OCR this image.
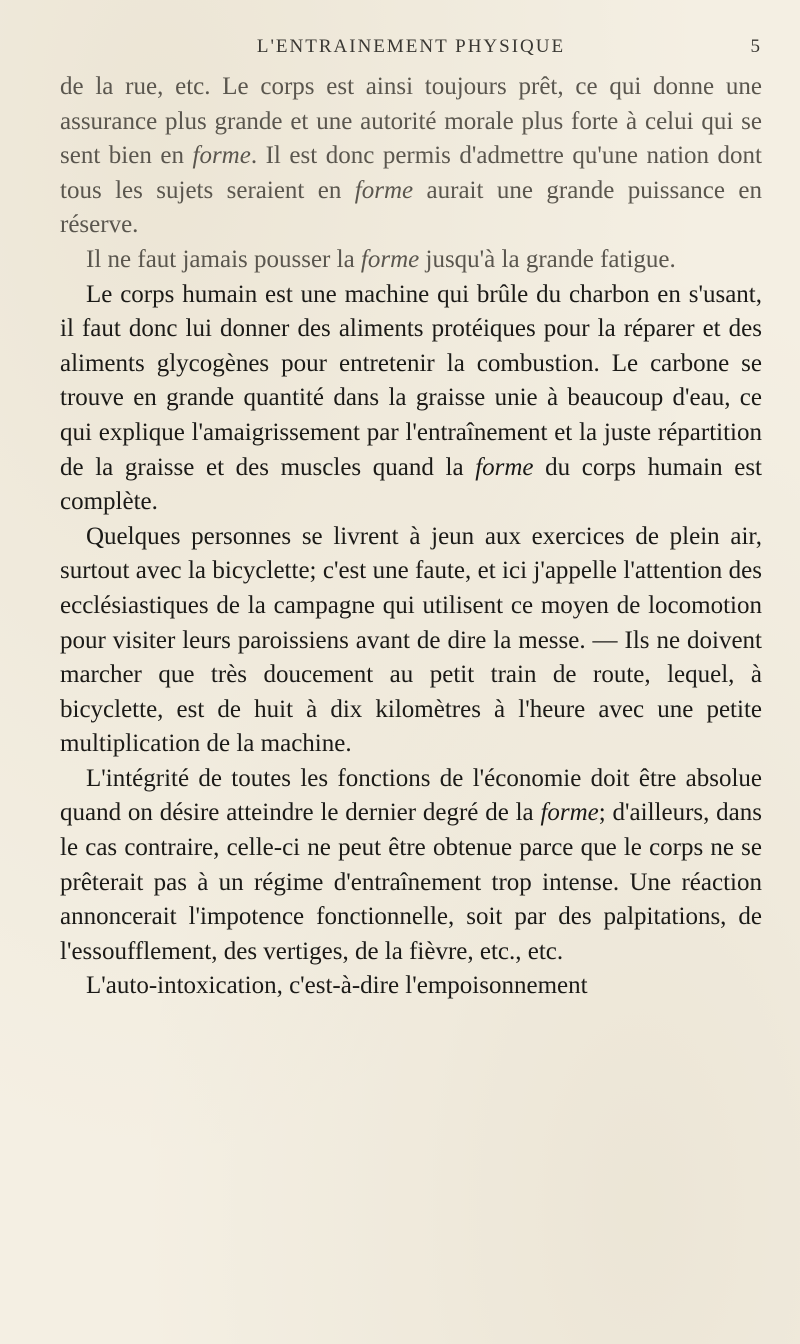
L'ENTRAINEMENT PHYSIQUE	5

de la rue, etc. Le corps est ainsi toujours prêt, ce qui donne une assurance plus grande et une autorité morale plus forte à celui qui se sent bien en forme. Il est donc permis d'admettre qu'une nation dont tous les sujets seraient en forme aurait une grande puissance en réserve.

Il ne faut jamais pousser la forme jusqu'à la grande fatigue.

Le corps humain est une machine qui brûle du charbon en s'usant, il faut donc lui donner des aliments protéiques pour la réparer et des aliments glycogènes pour entretenir la combustion. Le carbone se trouve en grande quantité dans la graisse unie à beaucoup d'eau, ce qui explique l'amaigrissement par l'entraînement et la juste répartition de la graisse et des muscles quand la forme du corps humain est complète.

Quelques personnes se livrent à jeun aux exercices de plein air, surtout avec la bicyclette; c'est une faute, et ici j'appelle l'attention des ecclésiastiques de la campagne qui utilisent ce moyen de locomotion pour visiter leurs paroissiens avant de dire la messe. — Ils ne doivent marcher que très doucement au petit train de route, lequel, à bicyclette, est de huit à dix kilomètres à l'heure avec une petite multiplication de la machine.

L'intégrité de toutes les fonctions de l'économie doit être absolue quand on désire atteindre le dernier degré de la forme; d'ailleurs, dans le cas contraire, celle-ci ne peut être obtenue parce que le corps ne se prêterait pas à un régime d'entraînement trop intense. Une réaction annoncerait l'impotence fonctionnelle, soit par des palpitations, de l'essoufflement, des vertiges, de la fièvre, etc., etc.

L'auto-intoxication, c'est-à-dire l'empoisonnement
